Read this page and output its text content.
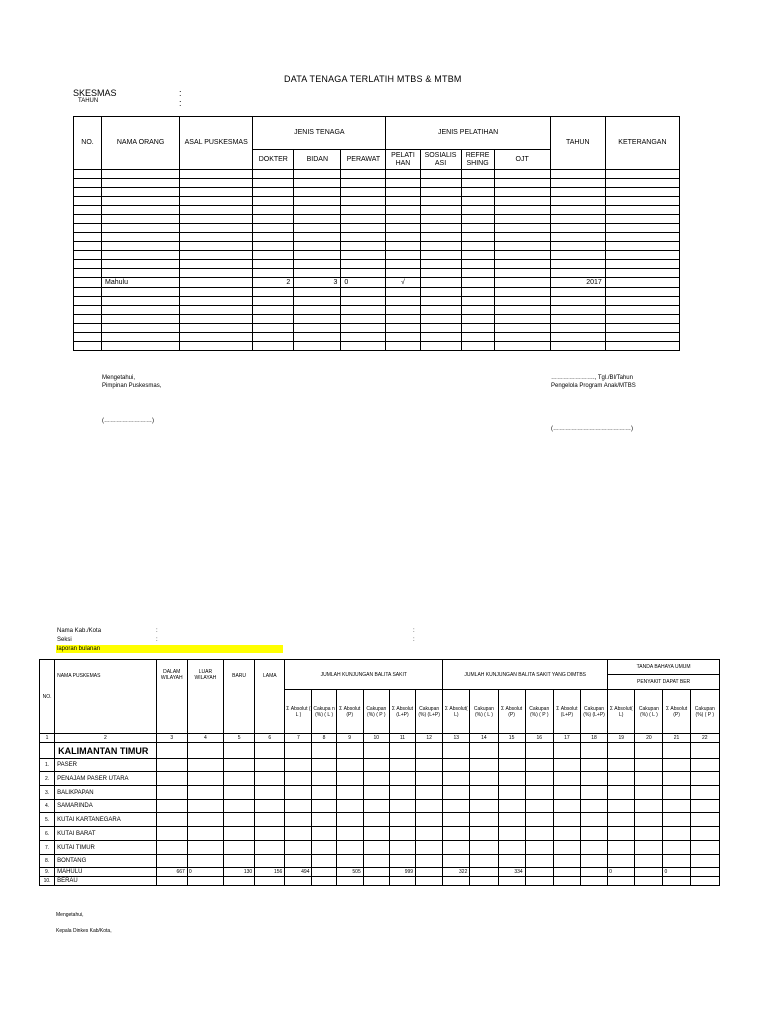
DATA TENAGA TERLATIH MTBS & MTBM
SKESMAS	:
TAHUN	:
NO.	NAMA ORANG	ASAL PUSKESMAS	JENIS TENAGA			JENIS PELATIHAN				TAHUN	KETERANGAN
			DOKTER	BIDAN	PERAWAT	PELATI HAN	SOSIALIS ASI	REFRE SHING	OJT		

	Mahulu		2	3	0	√				2017	

Mengetahui,
Pimpinan Puskesmas,
(……………………)
…………………., Tgl./Bl/Tahun
Pengelola Program Anak/MTBS
(…………………………………)
Nama Kab./Kota	:	:
Seksi	:	:
laporan bulanan
NO.	NAMA PUSKEMAS	DALAM WILAYAH	LUAR WILAYAH	BARU	LAMA	JUMLAH KUNJUNGAN BALITA SAKIT						JUMLAH KUNJUNGAN BALITA SAKIT YANG DIMTBS						TANDA BAHAYA UMUM			
																		PENYAKIT DAPAT BER			
						Σ Absolut ( L )	Cakupa n (%) ( L )	Σ Absolut (P)	Cakupan (%) ( P )	Σ Absolut (L+P)	Cakupan (%) (L+P)	Σ Absolut( L)	Cakupan (%) ( L )	Σ Absolut (P)	Cakupan (%) ( P )	Σ Absolut (L+P)	Cakupan (%) (L+P)	Σ Absolut( L)	Cakupan (%) ( L )	Σ Absolut (P)	Cakupan (%) ( P )
1	2	3	4	5	6	7	8	9	10	11	12	13	14	15	16	17	18	19	20	21	22
	KALIMANTAN TIMUR																				
1.	PASER																				
2.	PENAJAM PASER UTARA																				
3.	BALIKPAPAN																				
4.	SAMARINDA																				
5.	KUTAI KARTANEGARA																				
6.	KUTAI BARAT																				
7.	KUTAI TIMUR																				
8.	BONTANG																				
9.	MAHULU	667	0	130	156	494		505		999		322		334				0		0	
10.	BERAU																				
Mengetahui,
Kepala Dinkes Kab/Kota,
